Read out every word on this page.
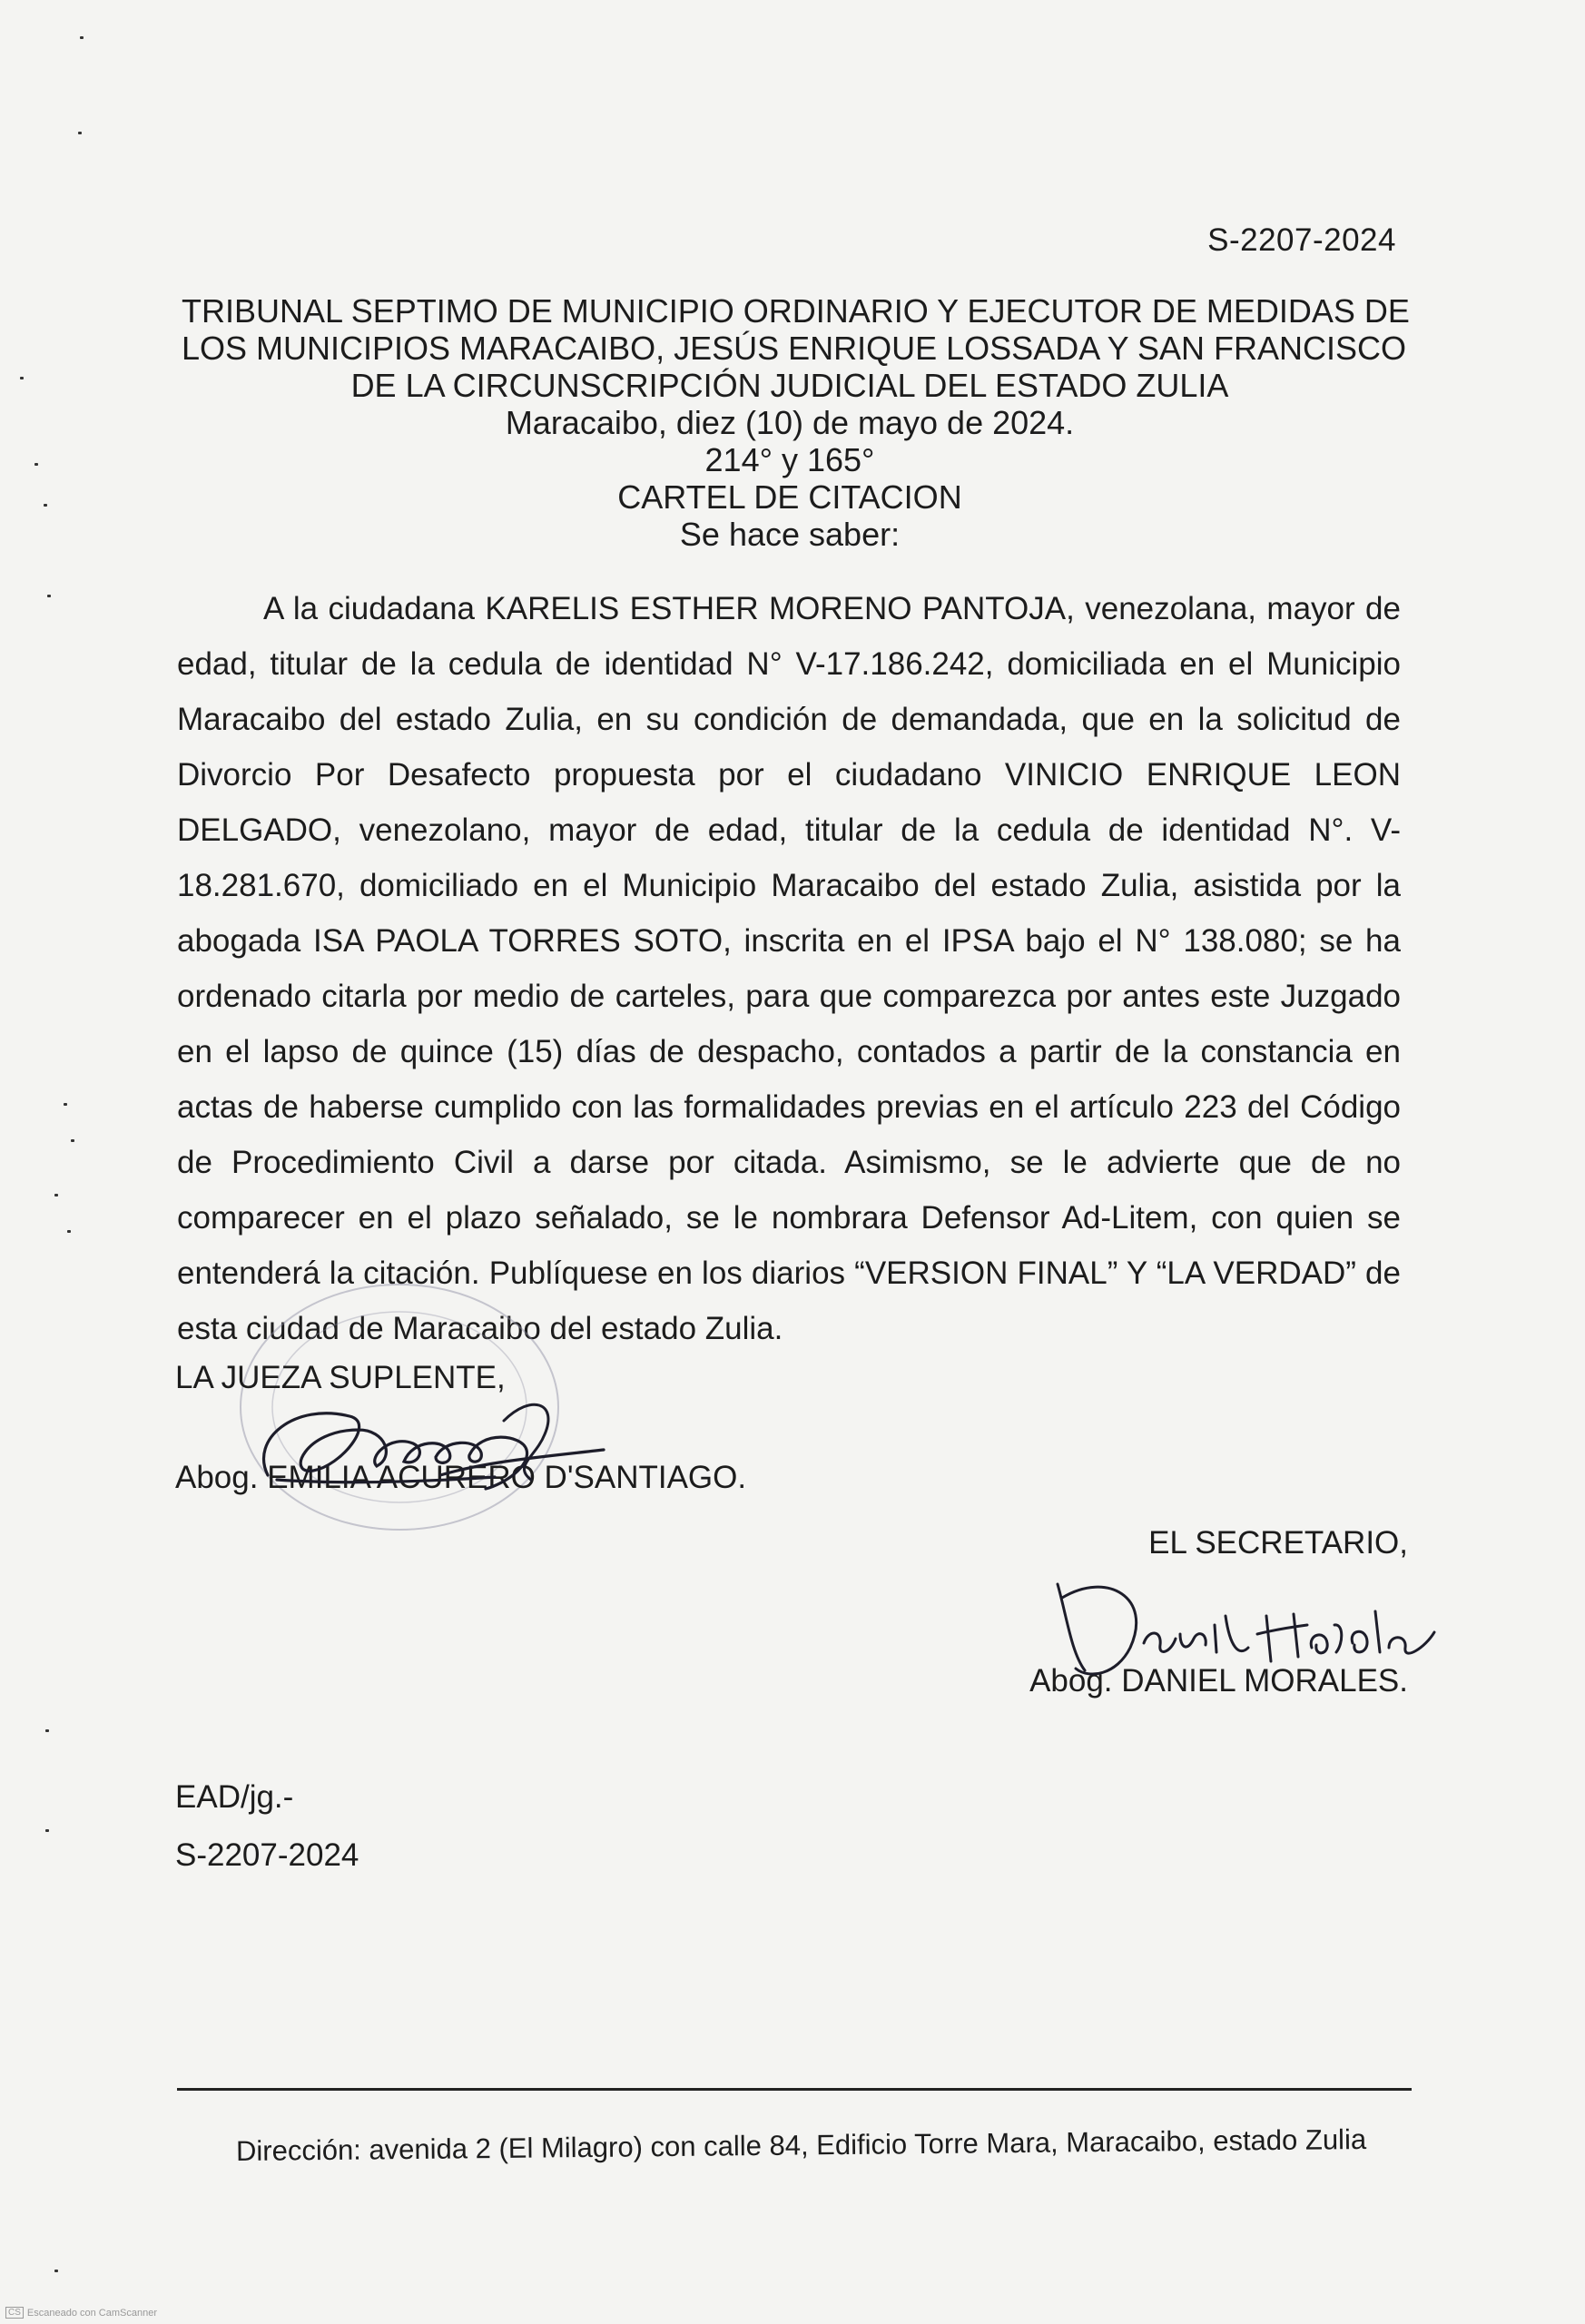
S-2207-2024
TRIBUNAL SEPTIMO DE MUNICIPIO ORDINARIO Y EJECUTOR DE MEDIDAS DE
LOS MUNICIPIOS MARACAIBO, JESÚS ENRIQUE LOSSADA Y SAN FRANCISCO
DE LA CIRCUNSCRIPCIÓN JUDICIAL DEL ESTADO ZULIA
Maracaibo, diez (10) de mayo de 2024.
214° y 165°
CARTEL DE CITACION
Se hace saber:
A la ciudadana KARELIS ESTHER MORENO PANTOJA, venezolana, mayor de edad, titular de la cedula de identidad N° V-17.186.242, domiciliada en el Municipio Maracaibo del estado Zulia, en su condición de demandada, que en la solicitud de Divorcio Por Desafecto propuesta por el ciudadano VINICIO ENRIQUE LEON DELGADO, venezolano, mayor de edad, titular de la cedula de identidad N°. V-18.281.670, domiciliado en el Municipio Maracaibo del estado Zulia, asistida por la abogada ISA PAOLA TORRES SOTO, inscrita en el IPSA bajo el N° 138.080; se ha ordenado citarla por medio de carteles, para que comparezca por antes este Juzgado en el lapso de quince (15) días de despacho, contados a partir de la constancia en actas de haberse cumplido con las formalidades previas en el artículo 223 del Código de Procedimiento Civil a darse por citada. Asimismo, se le advierte que de no comparecer en el plazo señalado, se le nombrara Defensor Ad-Litem, con quien se entenderá la citación. Publíquese en los diarios “VERSION FINAL” Y “LA VERDAD” de esta ciudad de Maracaibo del estado Zulia.
LA JUEZA SUPLENTE,
Abog. EMILIA ACURERO D'SANTIAGO.
EL SECRETARIO,
Abog. DANIEL MORALES.
EAD/jg.-
S-2207-2024
Dirección: avenida 2 (El Milagro) con calle 84, Edificio Torre Mara, Maracaibo, estado Zulia
CS Escaneado con CamScanner
